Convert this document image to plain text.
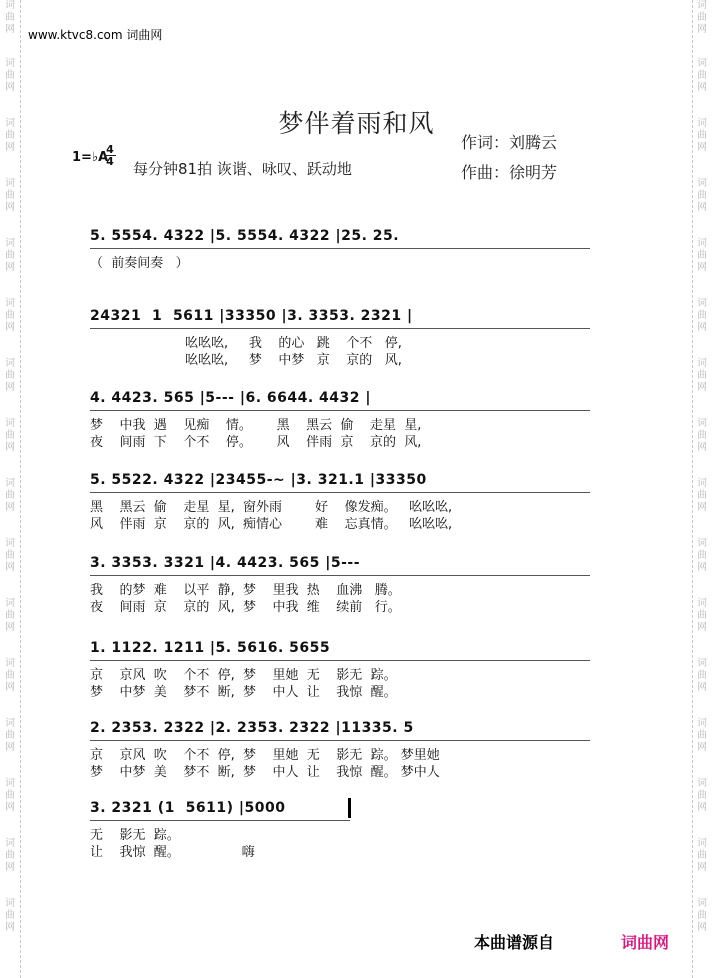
词
曲
网
词
曲
网
词
曲
网
词
曲
网
词
曲
网
词
曲
网
词
曲
网
词
曲
网
词
曲
网
词
曲
网
词
曲
网
词
曲
网
词
曲
网
词
曲
网
词
曲
网
词
曲
网
词
曲
网
词
曲
网
词
曲
网
词
曲
网
词
曲
网
词
曲
网
词
曲
网
词
曲
网
词
曲
网
词
曲
网
词
曲
网
词
曲
网
词
曲
网
词
曲
网
词
曲
网
词
曲
网
www.ktvc8.com 词曲网
梦伴着雨和风
作词：刘腾云
作曲：徐明芳
1=♭A
4
4 每分钟81拍 诙谐、咏叹、跃动地
5. 5554. 4322 |5. 5554. 4322 |25. 25.
（  前奏间奏   ）
24321  1  5611 |33350 |3. 3353. 2321 |
吆吆吆,     我    的心   跳    个不   停,
吆吆吆,     梦    中梦   京    京的   风,
4. 4423. 565 |5--- |6. 6644. 4432 |
梦    中我  遇    见痴    情。      黑    黑云  偷    走星  星,
夜    间雨  下    个不    停。      风    伴雨  京    京的  风,
5. 5522. 4322 |23455-~ |3. 321.1 |33350
黑    黑云  偷    走星  星,  窗外雨        好    像发痴。   吆吆吆,
风    伴雨  京    京的  风,  痴情心        难    忘真情。   吆吆吆,
3. 3353. 3321 |4. 4423. 565 |5---
我    的梦  难    以平  静,  梦    里我  热    血沸   腾。
夜    间雨  京    京的  风,  梦    中我  维    续前   行。
1. 1122. 1211 |5. 5616. 5655
京    京风  吹    个不  停,  梦    里她  无    影无  踪。
梦    中梦  美    梦不  断,  梦    中人  让    我惊  醒。
2. 2353. 2322 |2. 2353. 2322 |11335. 5
京    京风  吹    个不  停,  梦    里她  无    影无  踪。 梦里她
梦    中梦  美    梦不  断,  梦    中人  让    我惊  醒。 梦中人
3. 2321 (1  5611) |5000
无    影无  踪。
让    我惊  醒。               嗨
本曲谱源自	词曲网
